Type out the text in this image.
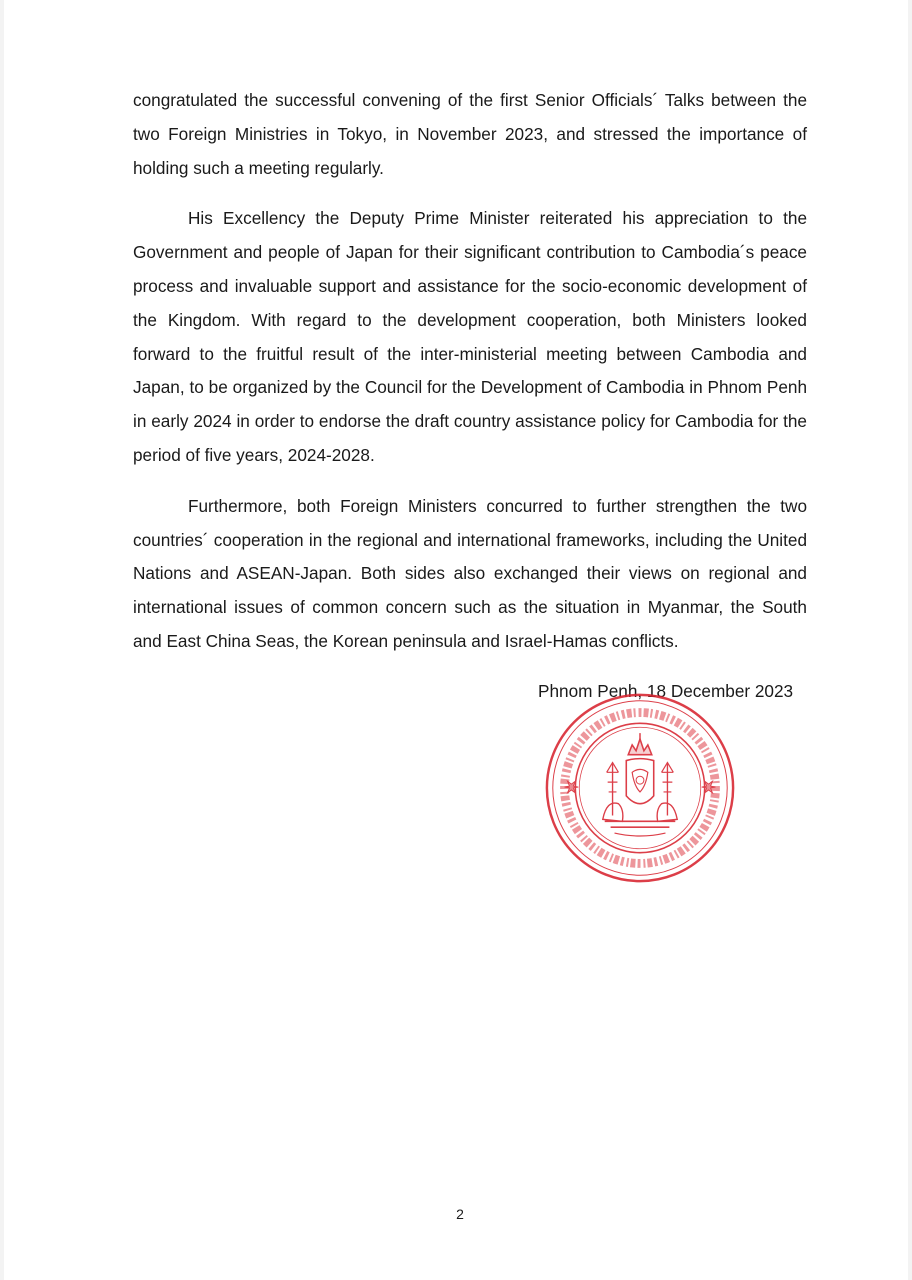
congratulated the successful convening of the first Senior Officials´ Talks between the two Foreign Ministries in Tokyo, in November 2023, and stressed the importance of holding such a meeting regularly.

His Excellency the Deputy Prime Minister reiterated his appreciation to the Government and people of Japan for their significant contribution to Cambodia´s peace process and invaluable support and assistance for the socio-economic development of the Kingdom. With regard to the development cooperation, both Ministers looked forward to the fruitful result of the inter-ministerial meeting between Cambodia and Japan, to be organized by the Council for the Development of Cambodia in Phnom Penh in early 2024 in order to endorse the draft country assistance policy for Cambodia for the period of five years, 2024-2028.

Furthermore, both Foreign Ministers concurred to further strengthen the two countries´ cooperation in the regional and international frameworks, including the United Nations and ASEAN-Japan. Both sides also exchanged their views on regional and international issues of common concern such as the situation in Myanmar, the South and East China Seas, the Korean peninsula and Israel-Hamas conflicts.

Phnom Penh, 18 December 2023
2
